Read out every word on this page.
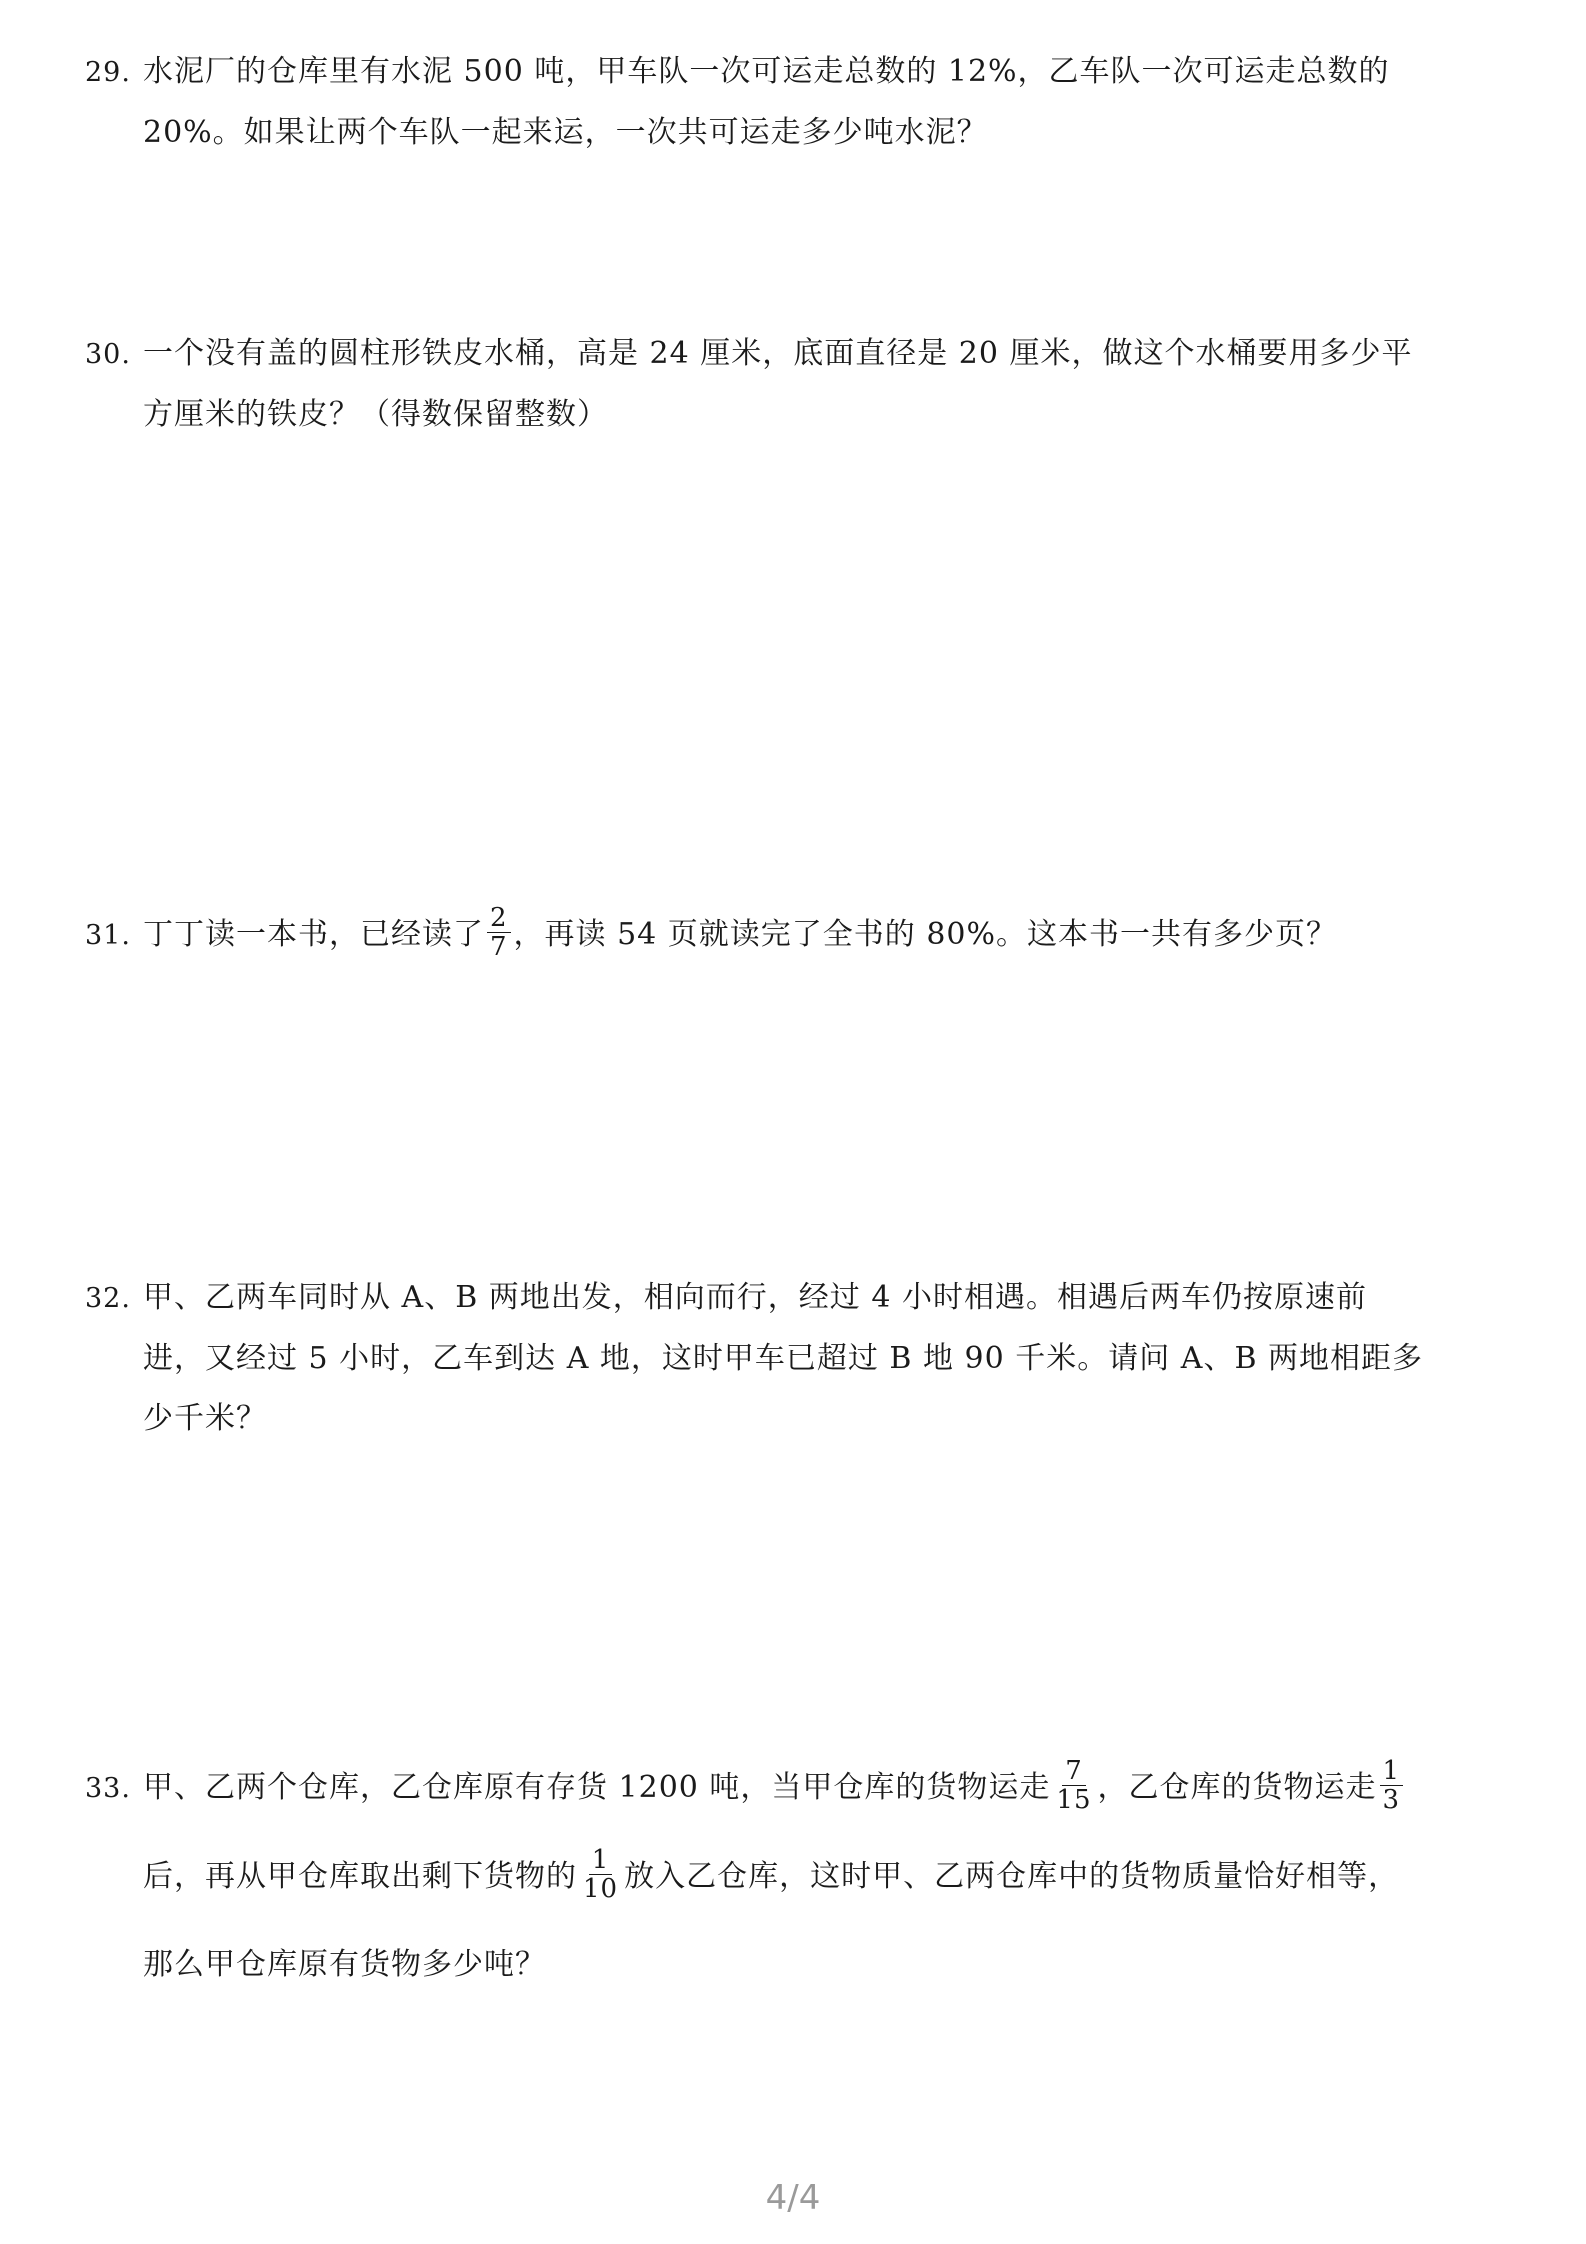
29. 水泥厂的仓库里有水泥 500 吨，甲车队一次可运走总数的 12%，乙车队一次可运走总数的
20%。如果让两个车队一起来运，一次共可运走多少吨水泥？
30. 一个没有盖的圆柱形铁皮水桶，高是 24 厘米，底面直径是 20 厘米，做这个水桶要用多少平
方厘米的铁皮？（得数保留整数）
31. 丁丁读一本书，已经读了 $\frac{2}{7}$ ，再读 54 页就读完了全书的 80%。这本书一共有多少页？
32. 甲、乙两车同时从 A、B 两地出发，相向而行，经过 4 小时相遇。相遇后两车仍按原速前
进，又经过 5 小时，乙车到达 A 地，这时甲车已超过 B 地 90 千米。请问 A、B 两地相距多
少千米？
33. 甲、乙两个仓库，乙仓库原有存货 1200 吨，当甲仓库的货物运走 $\frac{7}{15}$ ，乙仓库的货物运走 $\frac{1}{3}$
后，再从甲仓库取出剩下货物的 $\frac{1}{10}$ 放入乙仓库，这时甲、乙两仓库中的货物质量恰好相等，
那么甲仓库原有货物多少吨？
4/4
